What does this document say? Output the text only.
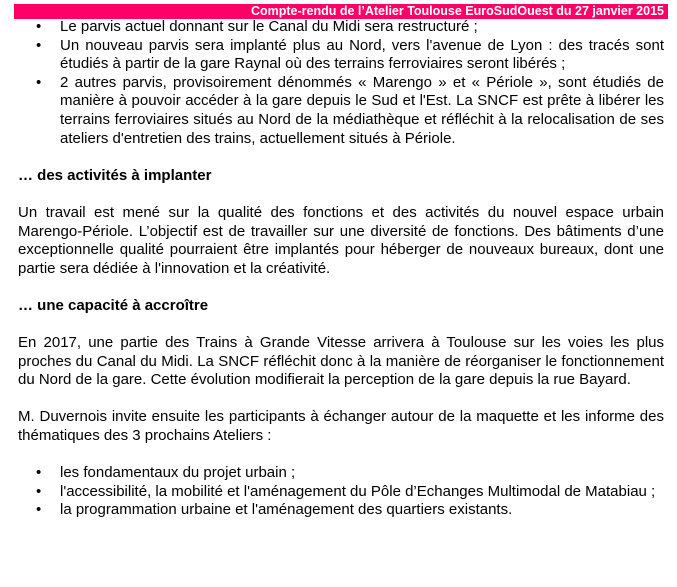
Compte-rendu de l’Atelier Toulouse EuroSudOuest du 27 janvier 2015
• Le parvis actuel donnant sur le Canal du Midi sera restructuré ;
• Un nouveau parvis sera implanté plus au Nord, vers l'avenue de Lyon : des tracés sont étudiés à partir de la gare Raynal où des terrains ferroviaires seront libérés ;
• 2 autres parvis, provisoirement dénommés « Marengo » et « Périole », sont étudiés de manière à pouvoir accéder à la gare depuis le Sud et l'Est. La SNCF est prête à libérer les terrains ferroviaires situés au Nord de la médiathèque et réfléchit à la relocalisation de ses ateliers d'entretien des trains, actuellement situés à Périole.
… des activités à implanter

Un travail est mené sur la qualité des fonctions et des activités du nouvel espace urbain Marengo-Périole. L’objectif est de travailler sur une diversité de fonctions. Des bâtiments d’une exceptionnelle qualité pourraient être implantés pour héberger de nouveaux bureaux, dont une partie sera dédiée à l'innovation et la créativité.

… une capacité à accroître

En 2017, une partie des Trains à Grande Vitesse arrivera à Toulouse sur les voies les plus proches du Canal du Midi. La SNCF réfléchit donc à la manière de réorganiser le fonctionnement du Nord de la gare. Cette évolution modifierait la perception de la gare depuis la rue Bayard.

M. Duvernois invite ensuite les participants à échanger autour de la maquette et les informe des thématiques des 3 prochains Ateliers :

• les fondamentaux du projet urbain ;
• l'accessibilité, la mobilité et l'aménagement du Pôle d’Echanges Multimodal de Matabiau ;
• la programmation urbaine et l'aménagement des quartiers existants.
